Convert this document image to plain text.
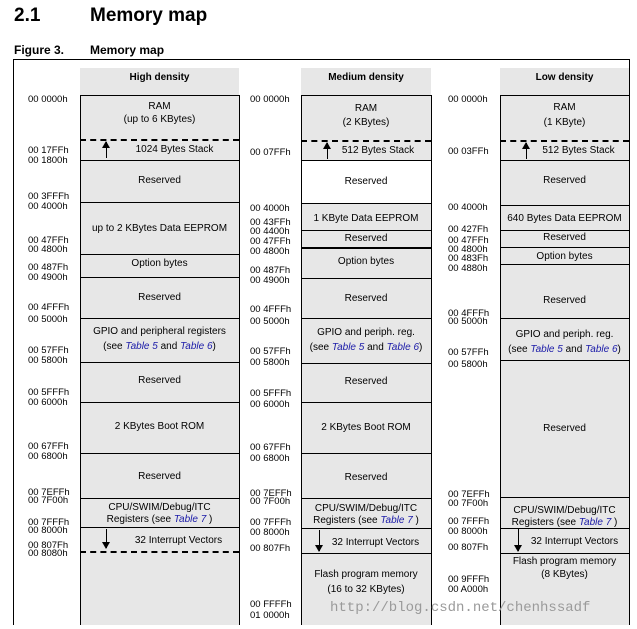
2.1	Memory map
Figure 3. Memory map
High density
00 0000h
00 17FFh
00 1800h
00 3FFFh
00 4000h
00 47FFh
00 4800h
00 487Fh
00 4900h
00 4FFFh
00 5000h
00 57FFh
00 5800h
00 5FFFh
00 6000h
00 67FFh
00 6800h
00 7EFFh
00 7F00h
00 7FFFh
00 8000h
00 807Fh
00 8080h
Medium density
00 0000h
00 07FFh
00 4000h
00 43FFh
00 4400h
00 47FFh
00 4800h
00 487Fh
00 4900h
00 4FFFh
00 5000h
00 57FFh
00 5800h
00 5FFFh
00 6000h
00 67FFh
00 6800h
00 7EFFh
00 7F00h
00 7FFFh
00 8000h
00 807Fh
00 FFFFh
01 0000h
Low density
00 0000h
00 03FFh
00 4000h
00 427Fh
00 47FFh
00 4800h
00 483Fh
00 4880h
00 4FFFh
00 5000h
00 57FFh
00 5800h
00 7EFFh
00 7F00h
00 7FFFh
00 8000h
00 807Fh
00 9FFFh
00 A000h
RAM
(up to 6 KBytes)
1024 Bytes Stack
Reserved
up to 2 KBytes Data EEPROM
Option bytes
Reserved
GPIO and peripheral registers
(see Table 5 and Table 6)
Reserved
2 KBytes Boot ROM
Reserved
CPU/SWIM/Debug/ITC
Registers (see Table 7 )
32 Interrupt Vectors
RAM
(2 KBytes)
512 Bytes Stack
Reserved
1 KByte Data EEPROM
Reserved
Option bytes
Reserved
GPIO and periph. reg.
(see Table 5 and Table 6)
Reserved
2 KBytes Boot ROM
Reserved
CPU/SWIM/Debug/ITC
Registers (see Table 7 )
32 Interrupt Vectors
Flash program memory
(16 to 32 KBytes)
RAM
(1 KByte)
512 Bytes Stack
Reserved
640 Bytes Data EEPROM
Reserved
Option bytes
Reserved
GPIO and periph. reg.
(see Table 5 and Table 6)
Reserved
CPU/SWIM/Debug/ITC
Registers (see Table 7 )
32 Interrupt Vectors
Flash program memory
(8 KBytes)
http://blog.csdn.net/chenhssadf
